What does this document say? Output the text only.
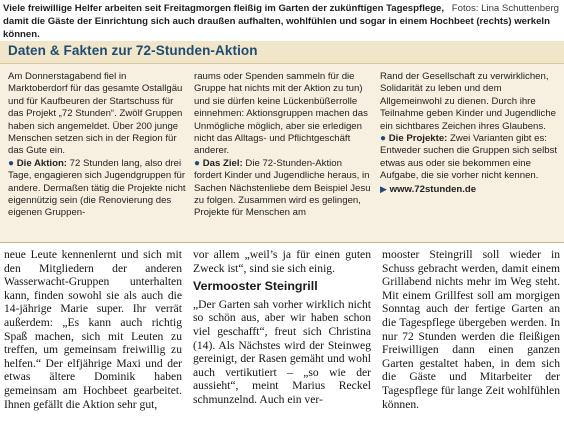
Fotos: Lina Schuttenberg
Viele freiwillige Helfer arbeiten seit Freitagmorgen fleißig im Garten der zukünftigen Tagespflege, damit die Gäste der Einrichtung sich auch draußen aufhalten, wohlfühlen und sogar in einem Hochbeet (rechts) werkeln können.
Daten & Fakten zur 72-Stunden-Aktion

Am Donnerstagabend fiel in Marktoberdorf für das gesamte Ostallgäu und für Kaufbeuren der Startschuss für das Projekt „72 Stunden“. Zwölf Gruppen haben sich angemeldet. Über 200 junge Menschen setzen sich in der Region für das Gute ein.

● Die Aktion: 72 Stunden lang, also drei Tage, engagieren sich Jugendgruppen für andere. Dermaßen tätig die Projekte nicht eigennützig sein (die Renovierung des eigenen Gruppen-

raums oder Spenden sammeln für die Gruppe hat nichts mit der Aktion zu tun) und sie dürfen keine Lückenbüßerrolle einnehmen: Aktionsgruppen machen das Unmögliche möglich, aber sie erledigen nicht das Alltags- und Pflichtgeschäft anderer.

● Das Ziel: Die 72-Stunden-Aktion fordert Kinder und Jugendliche heraus, in Sachen Nächstenliebe dem Beispiel Jesu zu folgen. Zusammen wird es gelingen, Projekte für Menschen am

Rand der Gesellschaft zu verwirklichen, Solidarität zu leben und dem Allgemeinwohl zu dienen. Durch ihre Teilnahme geben Kinder und Jugendliche ein sichtbares Zeichen ihres Glaubens.

● Die Projekte: Zwei Varianten gibt es: Entweder suchen die Gruppen sich selbst etwas aus oder sie bekommen eine Aufgabe, die sie vorher nicht kennen.

▶ www.72stunden.de

neue Leute kennenlernt und sich mit den Mitgliedern der anderen Wasserwacht-Gruppen unterhalten kann, finden sowohl sie als auch die 14-jährige Marie super. Ihr verrät außerdem: „Es kann auch richtig Spaß machen, sich mit Leuten zu treffen, um gemeinsam freiwillig zu helfen.“ Der elfjährige Maxi und der etwas ältere Dominik haben gemeinsam am Hochbeet gearbeitet. Ihnen gefällt die Aktion sehr gut,

vor allem „weil’s ja für einen guten Zweck ist“, sind sie sich einig.

Vermooster Steingrill

„Der Garten sah vorher wirklich nicht so schön aus, aber wir haben schon viel geschafft“, freut sich Christina (14). Als Nächstes wird der Steinweg gereinigt, der Rasen gemäht und wohl auch vertikutiert – „so wie der aussieht“, meint Marius Reckel schmunzelnd. Auch ein ver-

mooster Steingrill soll wieder in Schuss gebracht werden, damit einem Grillabend nichts mehr im Weg steht. Mit einem Grillfest soll am morgigen Sonntag auch der fertige Garten an die Tagespflege übergeben werden. In nur 72 Stunden werden die fleißigen Freiwilligen dann einen ganzen Garten gestaltet haben, in dem sich die Gäste und Mitarbeiter der Tagespflege für lange Zeit wohlfühlen können.
